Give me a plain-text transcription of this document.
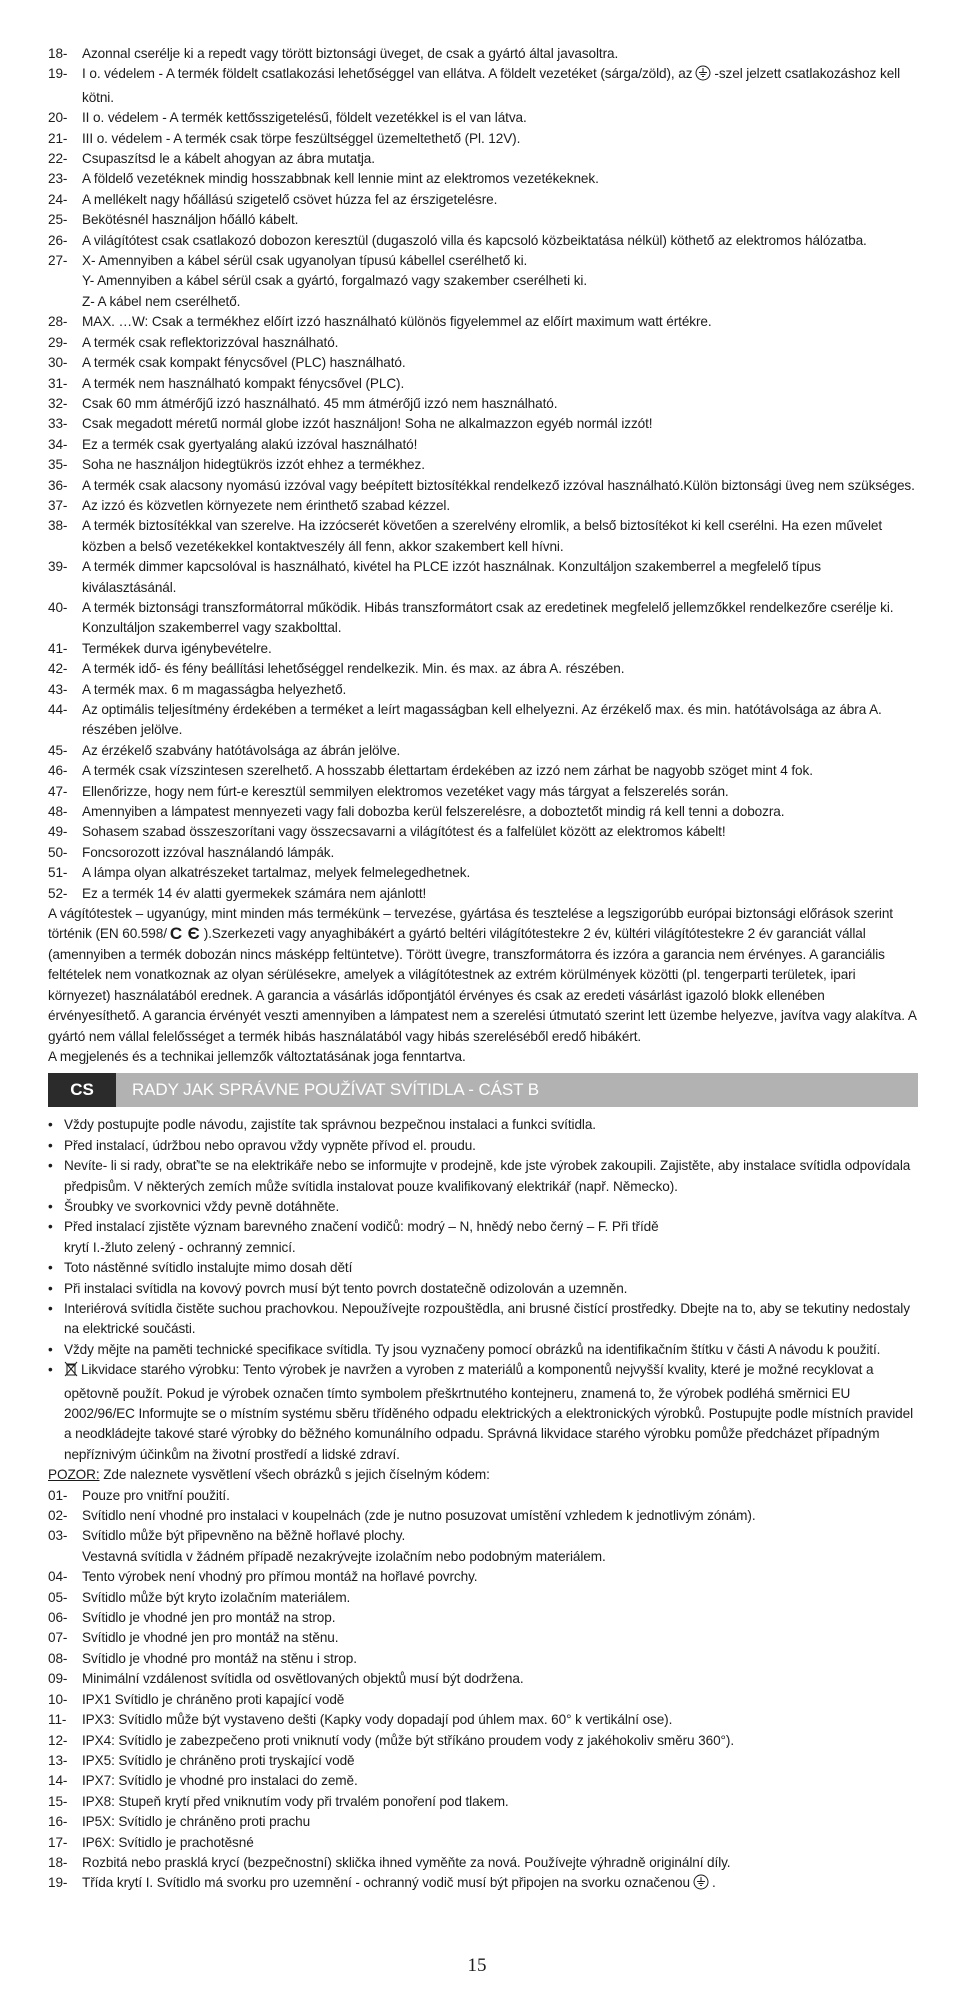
18-	Azonnal cserélje ki a repedt vagy törött biztonsági üveget, de csak a gyártó által javasoltra.
19-	I o. védelem - A termék földelt csatlakozási lehetőséggel van ellátva. A földelt vezetéket (sárga/zöld), az -szel jelzett csatlakozáshoz kell kötni.
20-	II o. védelem - A termék kettősszigetelésű, földelt vezetékkel is el van látva.
21-	III o. védelem - A termék csak törpe feszültséggel üzemeltethető (Pl. 12V).
22-	Csupaszítsd le a kábelt ahogyan az ábra mutatja.
23-	A földelő vezetéknek mindig hosszabbnak kell lennie mint az elektromos vezetékeknek.
24-	A mellékelt nagy hőállású szigetelő csövet húzza fel az érszigetelésre.
25-	Bekötésnél használjon hőálló kábelt.
26-	A világítótest csak csatlakozó dobozon keresztül (dugaszoló villa és kapcsoló közbeiktatása nélkül) köthető az elektromos hálózatba.
27-	X- Amennyiben a kábel sérül csak ugyanolyan típusú kábellel cserélhető ki.
Y- Amennyiben a kábel sérül csak a gyártó, forgalmazó vagy szakember cserélheti ki.
Z- A kábel nem cserélhető.
28-	MAX. …W: Csak a termékhez előírt izzó használható különös figyelemmel az előírt maximum watt értékre.
29-	A termék csak reflektorizzóval használható.
30-	A termék csak kompakt fénycsővel (PLC) használható.
31-	A termék nem használható kompakt fénycsővel (PLC).
32-	Csak 60 mm átmérőjű izzó használható. 45 mm átmérőjű izzó nem használható.
33-	Csak megadott méretű normál globe izzót használjon! Soha ne alkalmazzon egyéb normál izzót!
34-	Ez a termék csak gyertyaláng alakú izzóval használható!
35-	Soha ne használjon hidegtükrös izzót ehhez a termékhez.
36-	A termék csak alacsony nyomású izzóval vagy beépített biztosítékkal rendelkező izzóval használható.Külön biztonsági üveg nem szükséges.
37-	Az izzó és közvetlen környezete nem érinthető szabad kézzel.
38-	A termék biztosítékkal van szerelve. Ha izzócserét követően a szerelvény elromlik, a belső biztosítékot ki kell cserélni. Ha ezen művelet közben a belső vezetékekkel kontaktveszély áll fenn, akkor szakembert kell hívni.
39-	A termék dimmer kapcsolóval is használható, kivétel ha PLCE izzót használnak. Konzultáljon szakemberrel a megfelelő típus kiválasztásánál.
40-	A termék biztonsági transzformátorral működik. Hibás transzformátort csak az eredetinek megfelelő jellemzőkkel rendelkezőre cserélje ki. Konzultáljon szakemberrel vagy szakbolttal.
41-	Termékek durva igénybevételre.
42-	A termék idő- és fény beállítási lehetőséggel rendelkezik. Min. és max. az ábra A. részében.
43-	A termék max. 6 m magasságba helyezhető.
44-	Az optimális teljesítmény érdekében a terméket a leírt magasságban kell elhelyezni. Az érzékelő max. és min. hatótávolsága az ábra A. részében jelölve.
45-	Az érzékelő szabvány hatótávolsága az ábrán jelölve.
46-	A termék csak vízszintesen szerelhető. A hosszabb élettartam érdekében az izzó nem zárhat be nagyobb szöget mint 4 fok.
47-	Ellenőrizze, hogy nem fúrt-e keresztül semmilyen elektromos vezetéket vagy más tárgyat a felszerelés során.
48-	Amennyiben a lámpatest mennyezeti vagy fali dobozba kerül felszerelésre, a doboztetőt mindig rá kell tenni a dobozra.
49-	Sohasem szabad összeszorítani vagy összecsavarni a világítótest és a falfelület között az elektromos kábelt!
50-	Foncsorozott izzóval használandó lámpák.
51-	A lámpa olyan alkatrészeket tartalmaz, melyek felmelegedhetnek.
52-	Ez a termék 14 év alatti gyermekek számára nem ajánlott!

A vágítótestek – ugyanúgy, mint minden más termékünk – tervezése, gyártása és tesztelése a legszigorúbb európai biztonsági előrások szerint történik (EN 60.598/ C Є ).Szerkezeti vagy anyaghibákért a gyártó beltéri világítótestekre 2 év, kültéri világítótestekre 2 év garanciát vállal (amennyiben a termék dobozán nincs másképp feltüntetve). Törött üvegre, transzformátorra és izzóra a garancia nem érvényes. A garanciális feltételek nem vonatkoznak az olyan sérülésekre, amelyek a világítótestnek az extrém körülmények közötti (pl. tengerparti területek, ipari környezet) használatából erednek. A garancia a vásárlás időpontjától érvényes és csak az eredeti vásárlást igazoló blokk ellenében érvényesíthető. A garancia érvényét veszti amennyiben a lámpatest nem a szerelési útmutató szerint lett üzembe helyezve, javítva vagy alakítva. A gyártó nem vállal felelősséget a termék hibás használatából vagy hibás szereléséből eredő hibákért.

A megjelenés és a technikai jellemzők változtatásának joga fenntartva.

CS	RADY JAK SPRÁVNE POUŽÍVAT SVÍTIDLA - CÁST B
• Vždy postupujte podle návodu, zajistíte tak správnou bezpečnou instalaci a funkci svítidla.
• Před instalací, údržbou nebo opravou vždy vypněte přívod el. proudu.
• Nevíte- li si rady, obrať'te se na elektrikáře nebo se informujte v prodejně, kde jste výrobek zakoupili. Zajistěte, aby instalace svítidla odpovídala předpisům. V některých zemích může svítidla instalovat pouze kvalifikovaný elektrikář (např. Německo).
• Šroubky ve svorkovnici vždy pevně dotáhněte.
• Před instalací zjistěte význam barevného značení vodičů: modrý – N, hnědý nebo černý – F. Při třídě
krytí I.-žluto zelený - ochranný zemnicí.
• Toto nástěnné svítidlo instalujte mimo dosah dětí
• Při instalaci svítidla na kovový povrch musí být tento povrch dostatečně odizolován a uzemněn.
• Interiérová svítidla čistěte suchou prachovkou. Nepoužívejte rozpouštědla, ani brusné čistící prostředky. Dbejte na to, aby se tekutiny nedostaly na elektrické součásti.
• Vždy mějte na paměti technické specifikace svítidla. Ty jsou vyznačeny pomocí obrázků na identifikačním štítku v části A návodu k použití.
•	Likvidace starého výrobku: Tento výrobek je navržen a vyroben z materiálů a komponentů nejvyšší kvality, které je možné recyklovat a opětovně použít. Pokud je výrobek označen tímto symbolem přeškrtnutého kontejneru, znamená to, že výrobek podléhá směrnici EU 2002/96/EC Informujte se o místním systému sběru tříděného odpadu elektrických a elektronických výrobků. Postupujte podle místních pravidel a neodkládejte takové staré výrobky do běžného komunálního odpadu. Správná likvidace starého výrobku pomůže předcházet případným nepříznivým účinkům na životní prostředí a lidské zdraví.

POZOR: Zde naleznete vysvětlení všech obrázků s jejich číselným kódem:

01-	Pouze pro vnitřní použití.
02-	Svítidlo není vhodné pro instalaci v koupelnách (zde je nutno posuzovat umístění vzhledem k jednotlivým zónám).
03-	Svítidlo může být připevněno na běžně hořlavé plochy.
Vestavná svítidla v žádném případě nezakrývejte izolačním nebo podobným materiálem.
04-	Tento výrobek není vhodný pro přímou montáž na hořlavé povrchy.
05-	Svítidlo může být kryto izolačním materiálem.
06-	Svítidlo je vhodné jen pro montáž na strop.
07-	Svítidlo je vhodné jen pro montáž na stěnu.
08-	Svítidlo je vhodné pro montáž na stěnu i strop.
09-	Minimální vzdálenost svítidla od osvětlovaných objektů musí být dodržena.
10-	IPX1 Svítidlo je chráněno proti kapající vodě
11-	IPX3: Svítidlo může být vystaveno dešti (Kapky vody dopadají pod úhlem max. 60° k vertikální ose).
12-	IPX4: Svítidlo je zabezpečeno proti vniknutí vody (může být stříkáno proudem vody z jakéhokoliv směru 360°).
13-	IPX5: Svítidlo je chráněno proti tryskající vodě
14-	IPX7: Svítidlo je vhodné pro instalaci do země.
15-	IPX8: Stupeň krytí před vniknutím vody při trvalém ponoření pod tlakem.
16-	IP5X: Svítidlo je chráněno proti prachu
17-	IP6X: Svítidlo je prachotěsné
18-	Rozbitá nebo prasklá krycí (bezpečnostní) sklička ihned vyměňte za nová. Používejte výhradně originální díly.
19-	Třída krytí I. Svítidlo má svorku pro uzemnění - ochranný vodič musí být připojen na svorku označenou .
15
